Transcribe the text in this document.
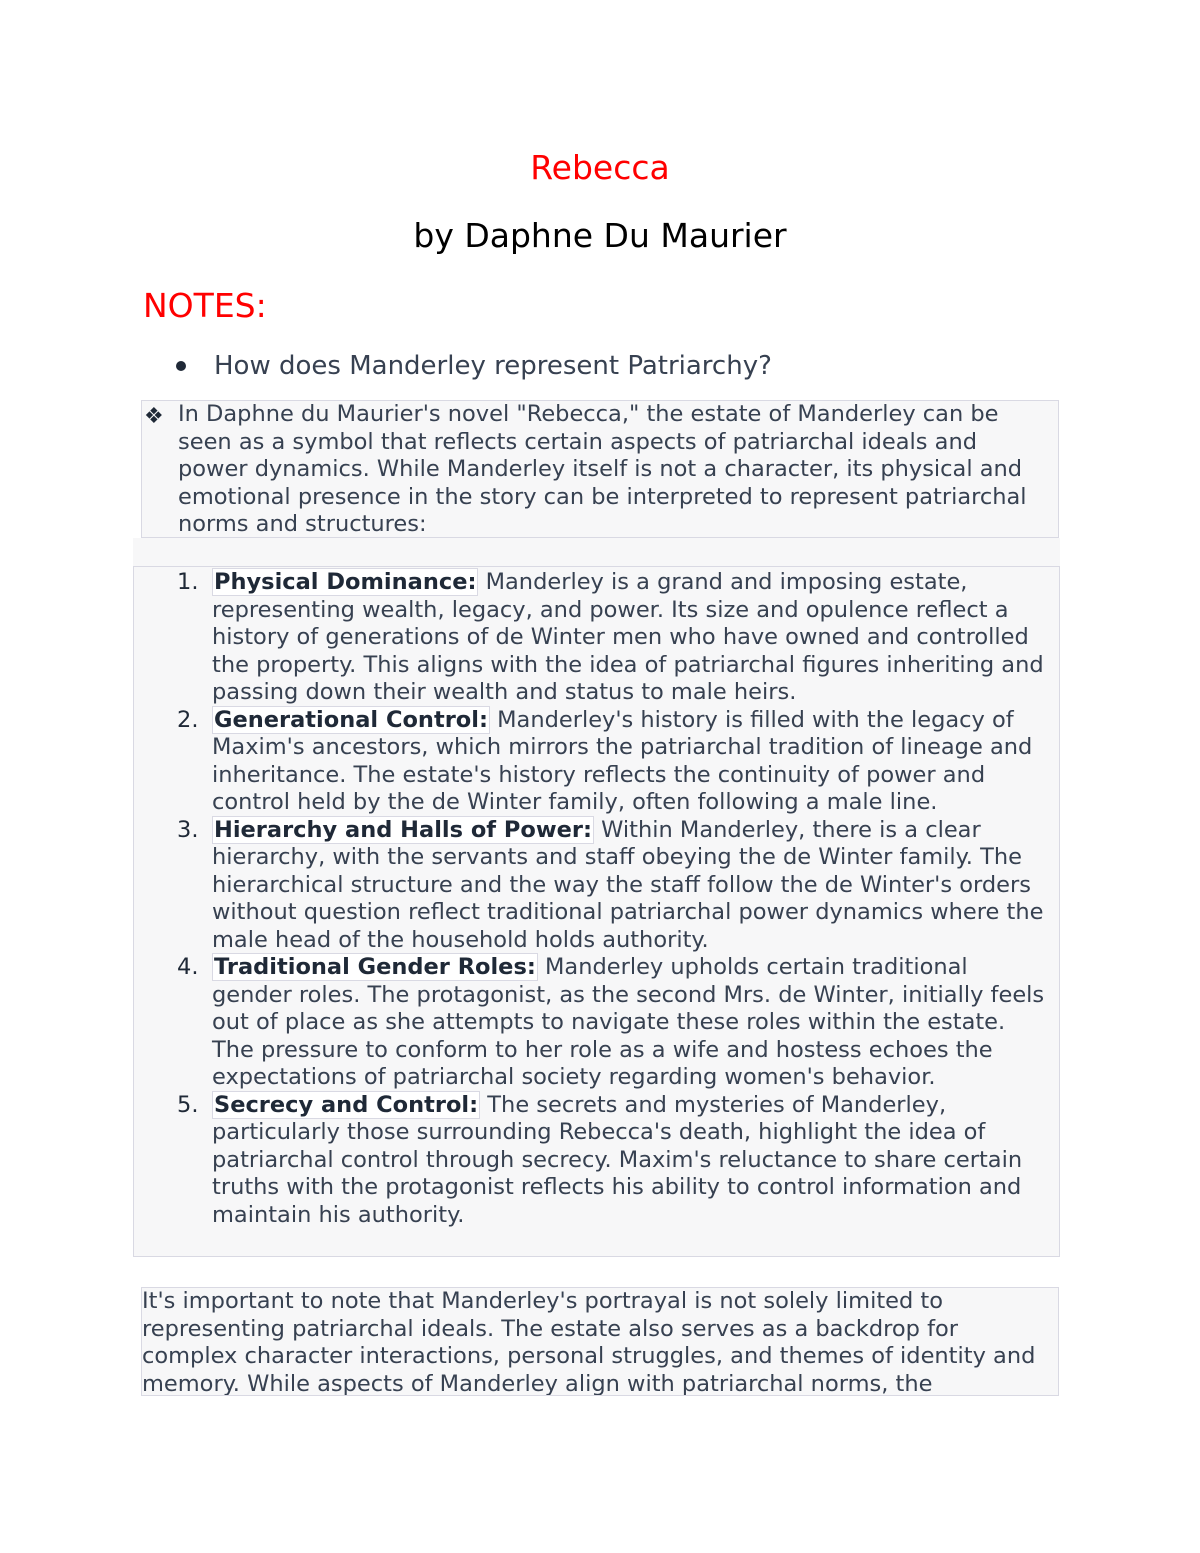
Rebecca
by Daphne Du Maurier
NOTES:
How does Manderley represent Patriarchy?
❖ In Daphne du Maurier's novel "Rebecca," the estate of Manderley can be seen as a symbol that reflects certain aspects of patriarchal ideals and power dynamics. While Manderley itself is not a character, its physical and emotional presence in the story can be interpreted to represent patriarchal norms and structures:
1. Physical Dominance: Manderley is a grand and imposing estate, representing wealth, legacy, and power. Its size and opulence reflect a history of generations of de Winter men who have owned and controlled the property. This aligns with the idea of patriarchal figures inheriting and passing down their wealth and status to male heirs.
2. Generational Control: Manderley's history is filled with the legacy of Maxim's ancestors, which mirrors the patriarchal tradition of lineage and inheritance. The estate's history reflects the continuity of power and control held by the de Winter family, often following a male line.
3. Hierarchy and Halls of Power: Within Manderley, there is a clear hierarchy, with the servants and staff obeying the de Winter family. The hierarchical structure and the way the staff follow the de Winter's orders without question reflect traditional patriarchal power dynamics where the male head of the household holds authority.
4. Traditional Gender Roles: Manderley upholds certain traditional gender roles. The protagonist, as the second Mrs. de Winter, initially feels out of place as she attempts to navigate these roles within the estate. The pressure to conform to her role as a wife and hostess echoes the expectations of patriarchal society regarding women's behavior.
5. Secrecy and Control: The secrets and mysteries of Manderley, particularly those surrounding Rebecca's death, highlight the idea of patriarchal control through secrecy. Maxim's reluctance to share certain truths with the protagonist reflects his ability to control information and maintain his authority.
It's important to note that Manderley's portrayal is not solely limited to representing patriarchal ideals. The estate also serves as a backdrop for complex character interactions, personal struggles, and themes of identity and memory. While aspects of Manderley align with patriarchal norms, the
